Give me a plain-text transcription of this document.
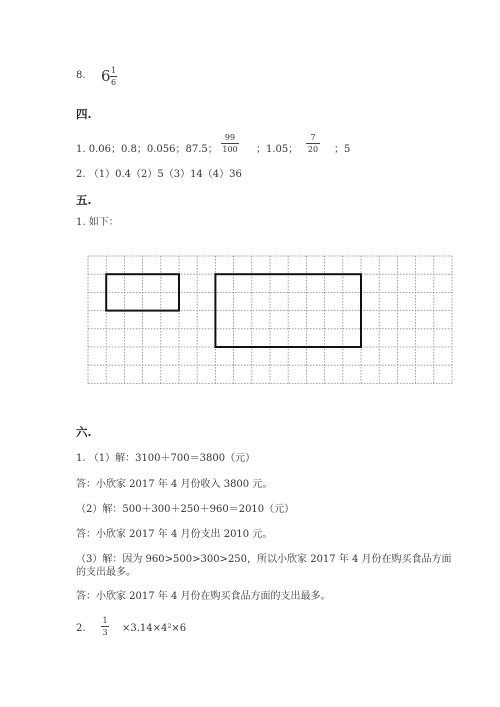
8. 6 1
6
四.
1. 0.06；0.8；0.056；87.5；
99
100 ；1.05；
7
20 ；5
2. （1）0.4（2）5（3）14（4）36
五.
1. 如下：
六.
1. （1）解：3100＋700＝3800（元）
答：小欣家 2017 年 4 月份收入 3800 元。
（2）解：500＋300＋250＋960＝2010（元）
答：小欣家 2017 年 4 月份支出 2010 元。
（3）解：因为 960>500>300>250，所以小欣家 2017 年 4 月份在购买食品方面
的支出最多。
答：小欣家 2017 年 4 月份在购买食品方面的支出最多。
2.
1
3 ×3.14×4²×6
